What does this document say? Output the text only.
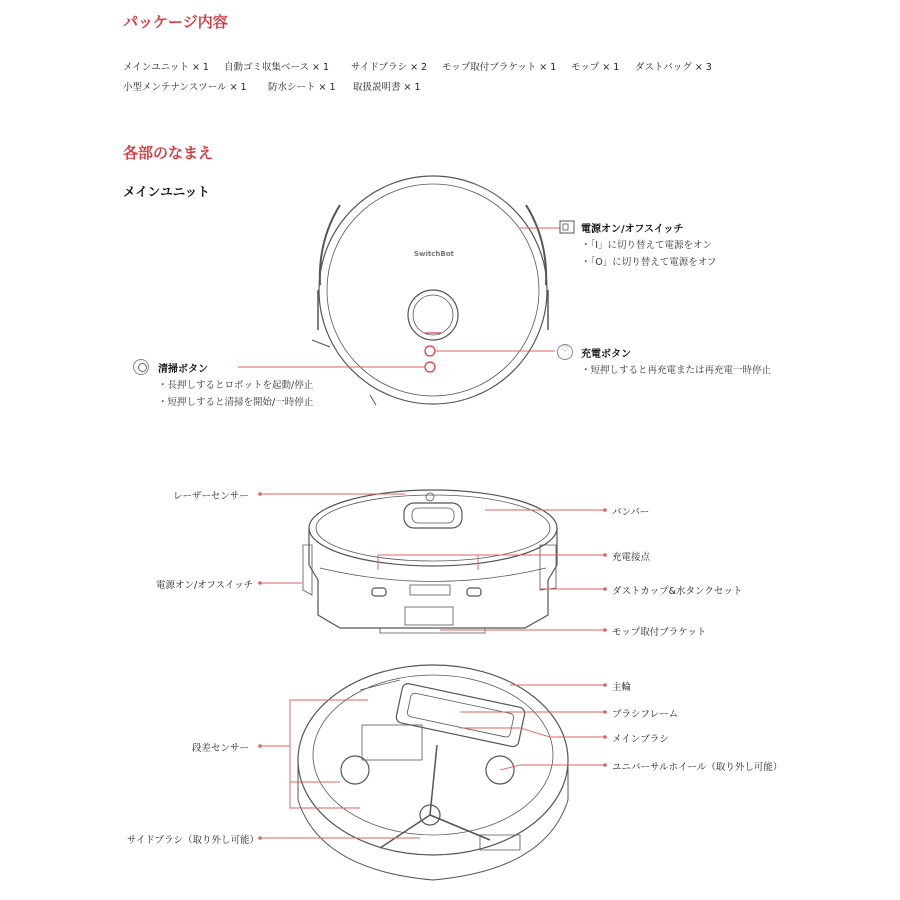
パッケージ内容
メインユニット × 1 自動ゴミ収集ベース × 1 サイドブラシ × 2 モップ取付ブラケット × 1 モップ × 1 ダストバッグ × 3
小型メンテナンスツール × 1 防水シート × 1 取扱説明書 × 1
各部のなまえ
メインユニット
SwitchBot
電源オン/オフスイッチ
・「I」に切り替えて電源をオン
・「O」に切り替えて電源をオフ
♡ 充電ボタン
・短押しすると再充電または再充電一時停止
清掃ボタン
・長押しするとロボットを起動/停止
・短押しすると清掃を開始/一時停止
レーザーセンサー
電源オン/オフスイッチ
バンパー
充電接点
ダストカップ&水タンクセット
モップ取付ブラケット
主輪
ブラシフレーム
メインブラシ
ユニバーサルホイール（取り外し可能）
段差センサー
サイドブラシ（取り外し可能）
